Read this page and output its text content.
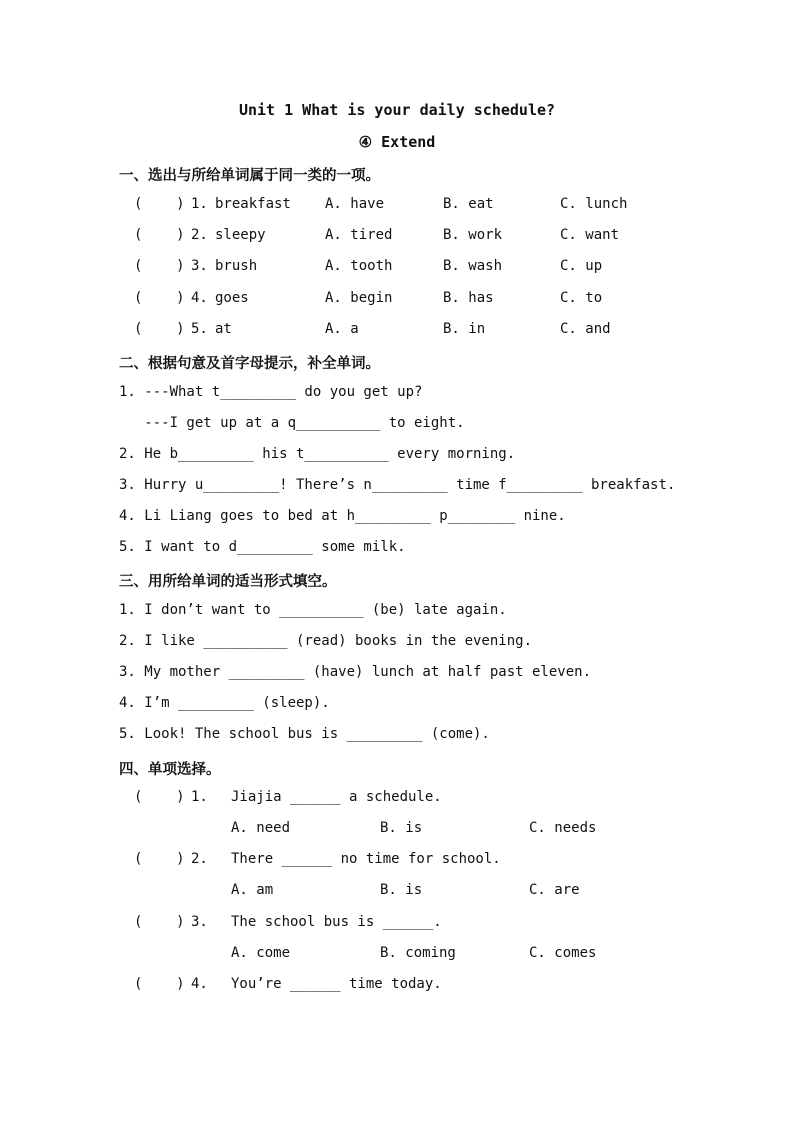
Unit 1 What is your daily schedule?
④ Extend
一、选出与所给单词属于同一类的一项。
(    ) 1. breakfast A. have	B. eat	C. lunch
(    ) 2. sleepy	A. tired	B. work	C. want
(    ) 3. brush	A. tooth	B. wash	C. up
(    ) 4. goes	A. begin	B. has	C. to
(    ) 5. at	A. a	B. in	C. and
二、根据句意及首字母提示，补全单词。
1. ---What t_________ do you get up?
---I get up at a q__________ to eight.
2. He b_________ his t__________ every morning.
3. Hurry u_________! There’s n_________ time f_________ breakfast.
4. Li Liang goes to bed at h_________ p________ nine.
5. I want to d_________ some milk.
三、用所给单词的适当形式填空。
1. I don’t want to __________ (be) late again.
2. I like __________ (read) books in the evening.
3. My mother _________ (have) lunch at half past eleven.
4. I’m _________ (sleep).
5. Look! The school bus is _________ (come).
四、单项选择。
(    ) 1. Jiajia ______ a schedule.
A. need	B. is	C. needs
(    ) 2. There ______ no time for school.
A. am	B. is	C. are
(    ) 3. The school bus is ______.
A. come	B. coming	C. comes
(    ) 4. You’re ______ time today.
